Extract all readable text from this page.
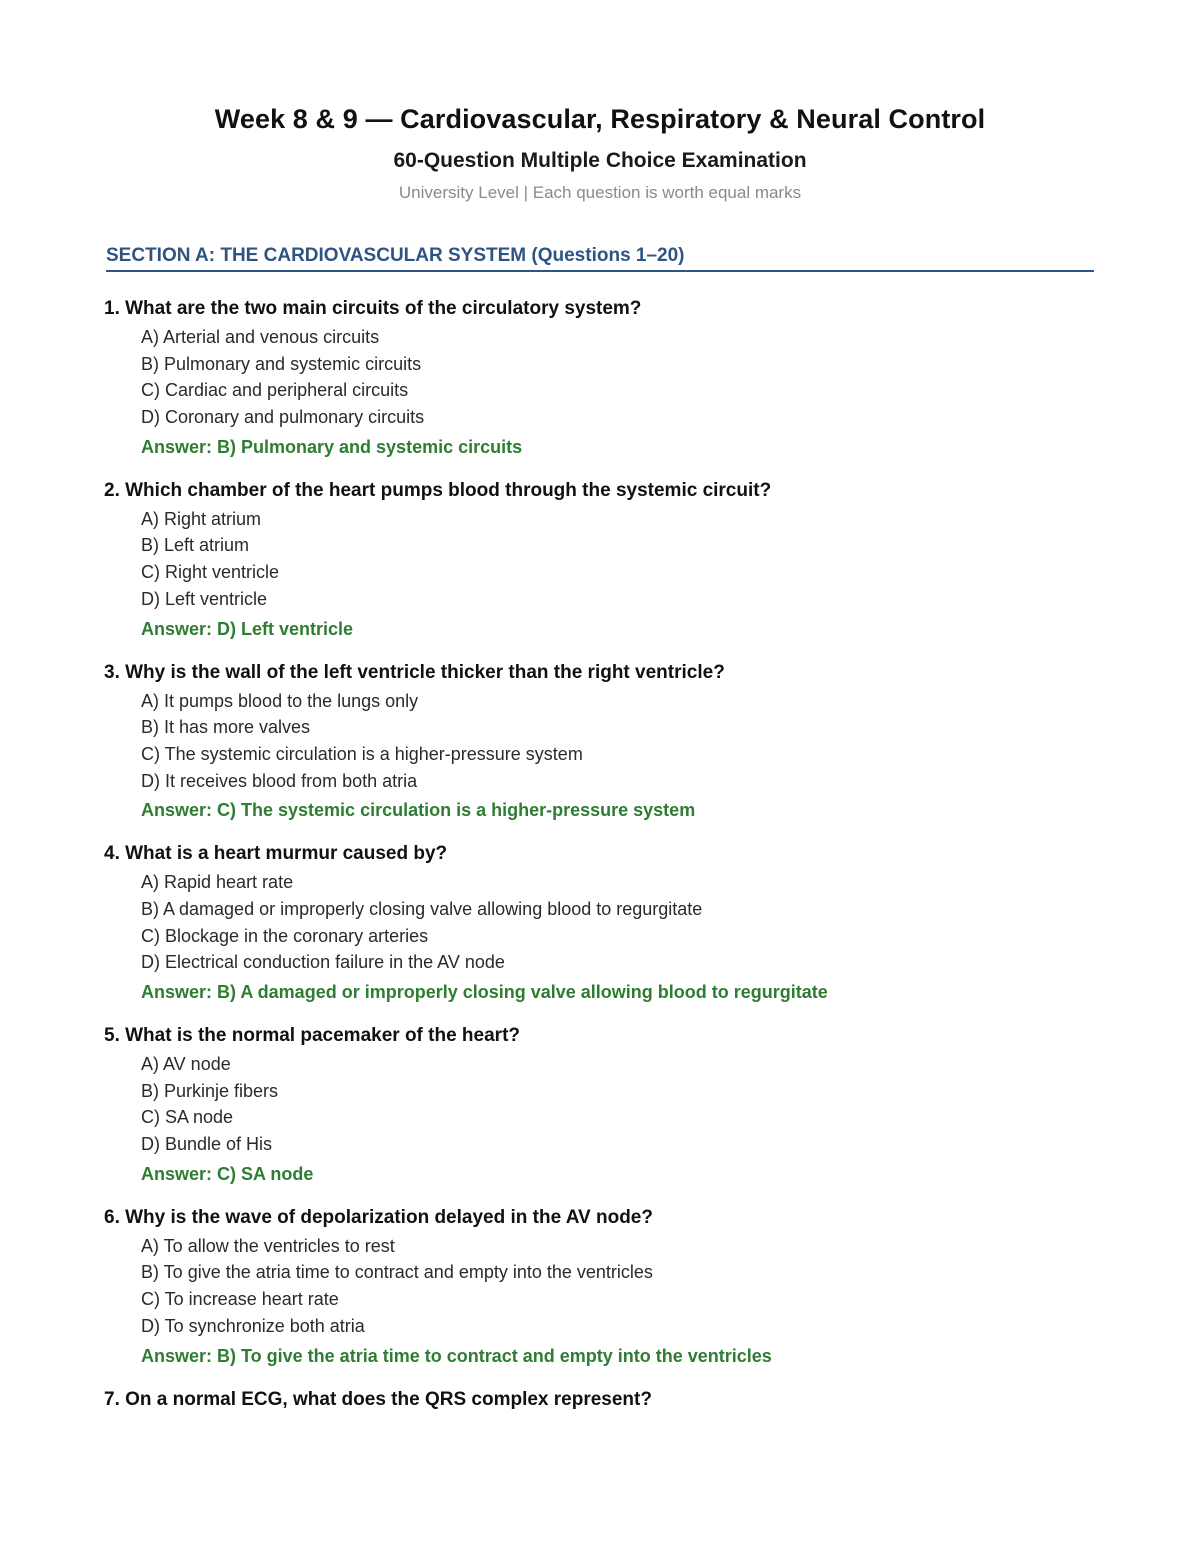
Week 8 & 9 — Cardiovascular, Respiratory & Neural Control
60-Question Multiple Choice Examination
University Level | Each question is worth equal marks
SECTION A: THE CARDIOVASCULAR SYSTEM (Questions 1–20)
1. What are the two main circuits of the circulatory system?
A) Arterial and venous circuits
B) Pulmonary and systemic circuits
C) Cardiac and peripheral circuits
D) Coronary and pulmonary circuits
Answer: B) Pulmonary and systemic circuits
2. Which chamber of the heart pumps blood through the systemic circuit?
A) Right atrium
B) Left atrium
C) Right ventricle
D) Left ventricle
Answer: D) Left ventricle
3. Why is the wall of the left ventricle thicker than the right ventricle?
A) It pumps blood to the lungs only
B) It has more valves
C) The systemic circulation is a higher-pressure system
D) It receives blood from both atria
Answer: C) The systemic circulation is a higher-pressure system
4. What is a heart murmur caused by?
A) Rapid heart rate
B) A damaged or improperly closing valve allowing blood to regurgitate
C) Blockage in the coronary arteries
D) Electrical conduction failure in the AV node
Answer: B) A damaged or improperly closing valve allowing blood to regurgitate
5. What is the normal pacemaker of the heart?
A) AV node
B) Purkinje fibers
C) SA node
D) Bundle of His
Answer: C) SA node
6. Why is the wave of depolarization delayed in the AV node?
A) To allow the ventricles to rest
B) To give the atria time to contract and empty into the ventricles
C) To increase heart rate
D) To synchronize both atria
Answer: B) To give the atria time to contract and empty into the ventricles
7. On a normal ECG, what does the QRS complex represent?
